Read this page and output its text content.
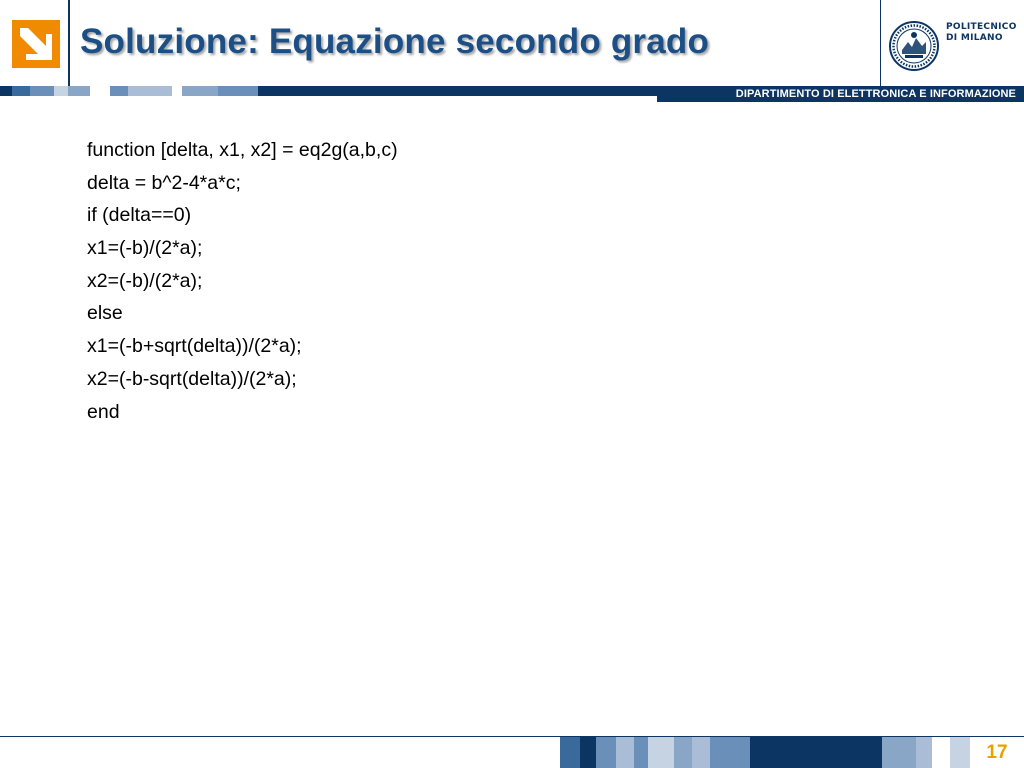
Soluzione: Equazione secondo grado	POLITECNICO
DI MILANO
DIPARTIMENTO DI ELETTRONICA E INFORMAZIONE
function [delta, x1, x2] = eq2g(a,b,c)
delta = b^2-4*a*c;
if (delta==0)
x1=(-b)/(2*a);
x2=(-b)/(2*a);
else
x1=(-b+sqrt(delta))/(2*a);
x2=(-b-sqrt(delta))/(2*a);
end
17
